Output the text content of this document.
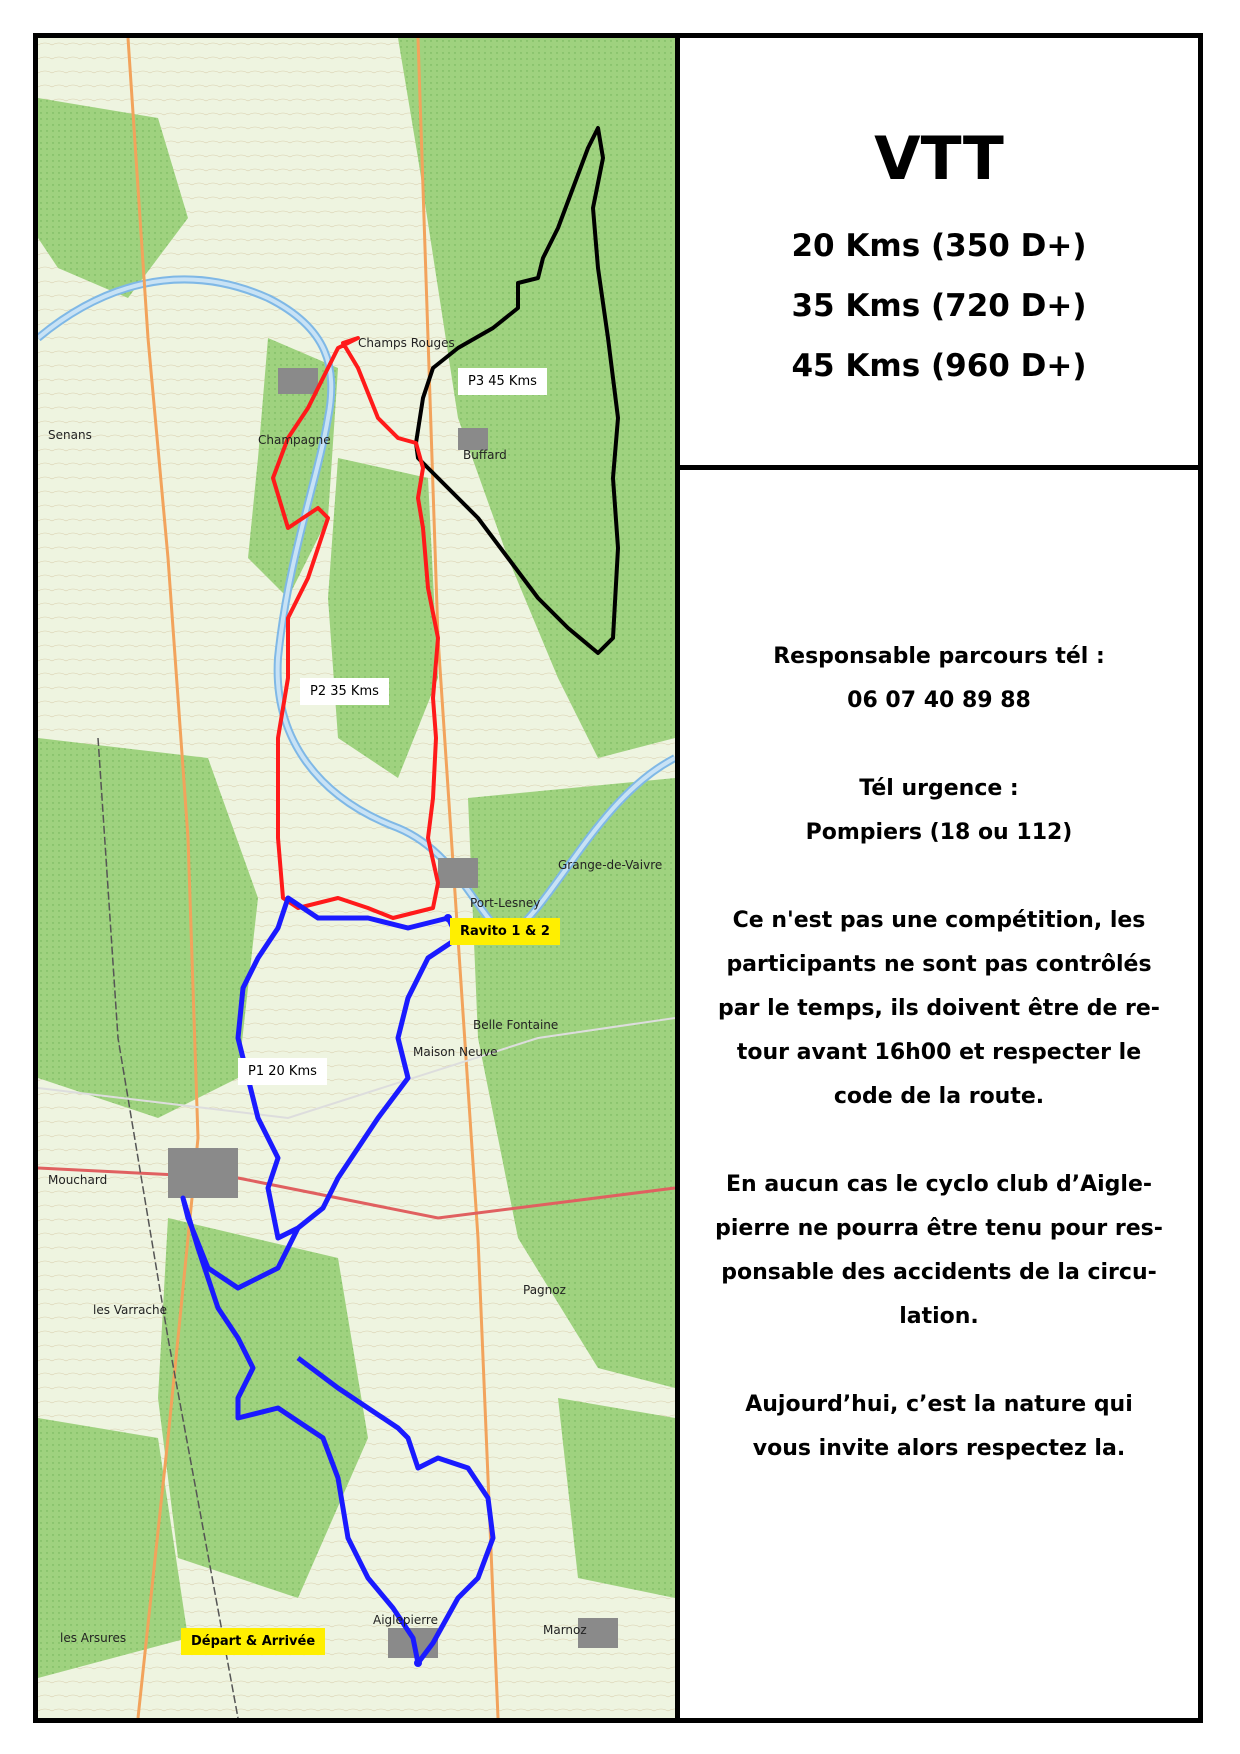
Senans	Champagne
Buffard
Port-Lesney
Grange-de-Vaivre
Mouchard
Pagnoz
Aiglepierre
Marnoz
les Arsures
Champs Rouges
Belle Fontaine
Maison Neuve
les Varrache
P3 45 Kms
P2 35 Kms
P1 20 Kms
Ravito 1 & 2
Départ & Arrivée
VTT
20 Kms (350 D+)
35 Kms (720 D+)
45 Kms (960 D+)
Responsable parcours tél :
06 07 40 89 88
Tél urgence :
Pompiers (18 ou 112)
Ce n'est pas une compétition, les
participants ne sont pas contrôlés
par le temps, ils doivent être de re-
tour avant 16h00 et respecter le
code de la route.
En aucun cas le cyclo club d’Aigle-
pierre ne pourra être tenu pour res-
ponsable des accidents de la circu-
lation.
Aujourd’hui, c’est la nature qui
vous invite alors respectez la.
